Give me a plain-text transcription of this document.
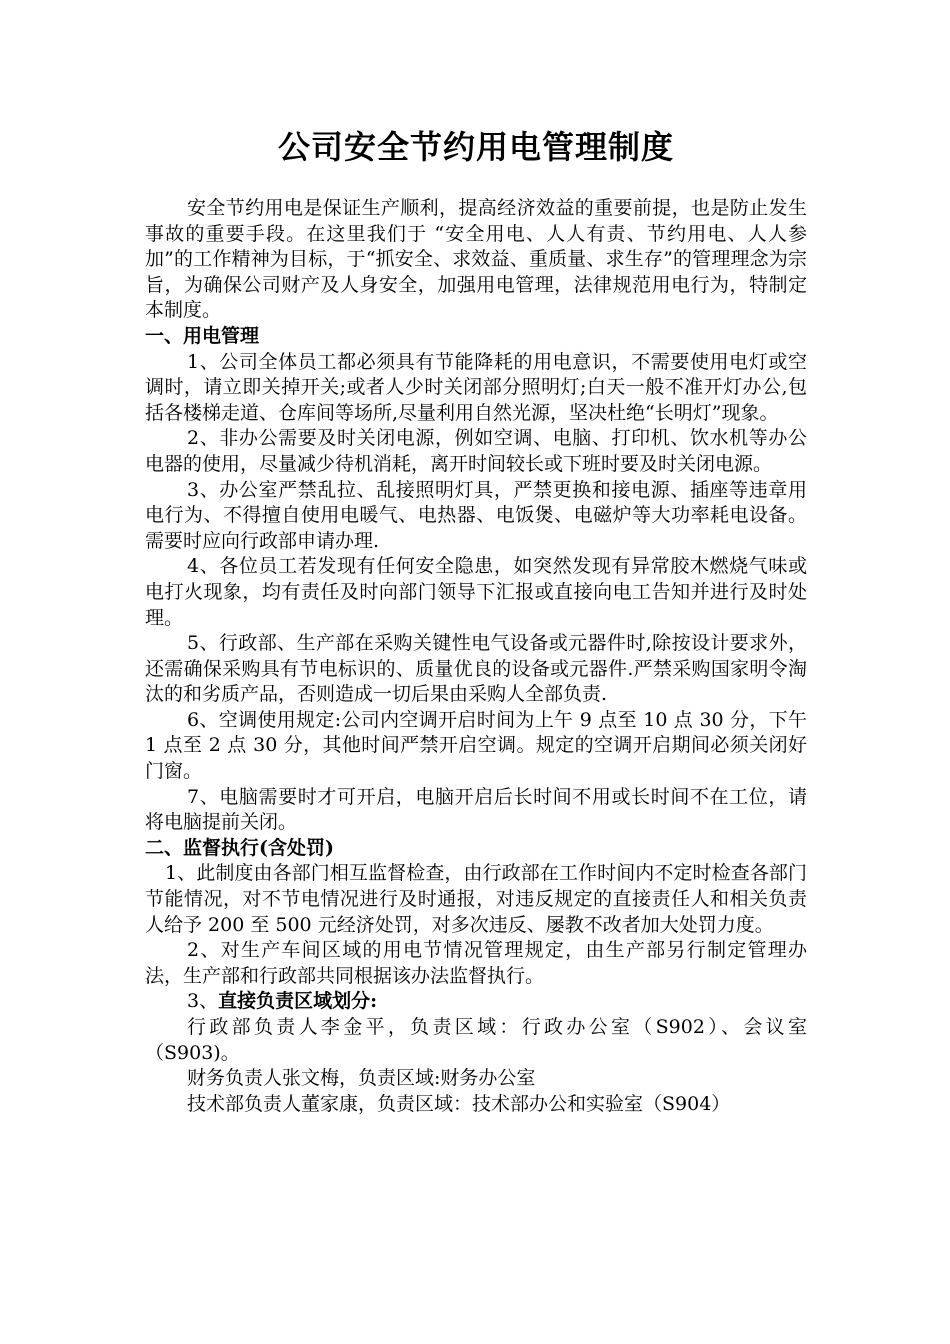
公司安全节约用电管理制度

安全节约用电是保证生产顺利，提高经济效益的重要前提，也是防止发生事故的重要手段。在这里我们于 “安全用电、人人有责、节约用电、人人参加”的工作精神为目标，于“抓安全、求效益、重质量、求生存”的管理理念为宗旨，为确保公司财产及人身安全，加强用电管理，法律规范用电行为，特制定本制度。

一、用电管理

1、公司全体员工都必须具有节能降耗的用电意识，不需要使用电灯或空调时，请立即关掉开关;或者人少时关闭部分照明灯;白天一般不准开灯办公,包括各楼梯走道、仓库间等场所,尽量利用自然光源，坚决杜绝“长明灯”现象。

2、非办公需要及时关闭电源，例如空调、电脑、打印机、饮水机等办公电器的使用，尽量减少待机消耗，离开时间较长或下班时要及时关闭电源。

3、办公室严禁乱拉、乱接照明灯具，严禁更换和接电源、插座等违章用电行为、不得擅自使用电暖气、电热器、电饭煲、电磁炉等大功率耗电设备。需要时应向行政部申请办理.

4、各位员工若发现有任何安全隐患，如突然发现有异常胶木燃烧气味或电打火现象，均有责任及时向部门领导下汇报或直接向电工告知并进行及时处理。

5、行政部、生产部在采购关键性电气设备或元器件时,除按设计要求外，还需确保采购具有节电标识的、质量优良的设备或元器件.严禁采购国家明令淘汰的和劣质产品，否则造成一切后果由采购人全部负责.

6、空调使用规定:公司内空调开启时间为上午 9 点至 10 点 30 分，下午 1 点至 2 点 30 分，其他时间严禁开启空调。规定的空调开启期间必须关闭好门窗。

7、电脑需要时才可开启，电脑开启后长时间不用或长时间不在工位，请将电脑提前关闭。

二、监督执行(含处罚)

1、此制度由各部门相互监督检查，由行政部在工作时间内不定时检查各部门节能情况，对不节电情况进行及时通报，对违反规定的直接责任人和相关负责人给予 200 至 500 元经济处罚，对多次违反、屡教不改者加大处罚力度。

2、对生产车间区域的用电节情况管理规定，由生产部另行制定管理办法，生产部和行政部共同根据该办法监督执行。

3、直接负责区域划分:

行政部负责人李金平，负责区域：行政办公室（S902）、会议室（S903)。

财务负责人张文梅，负责区域:财务办公室

技术部负责人董家康，负责区域：技术部办公和实验室（S904）
